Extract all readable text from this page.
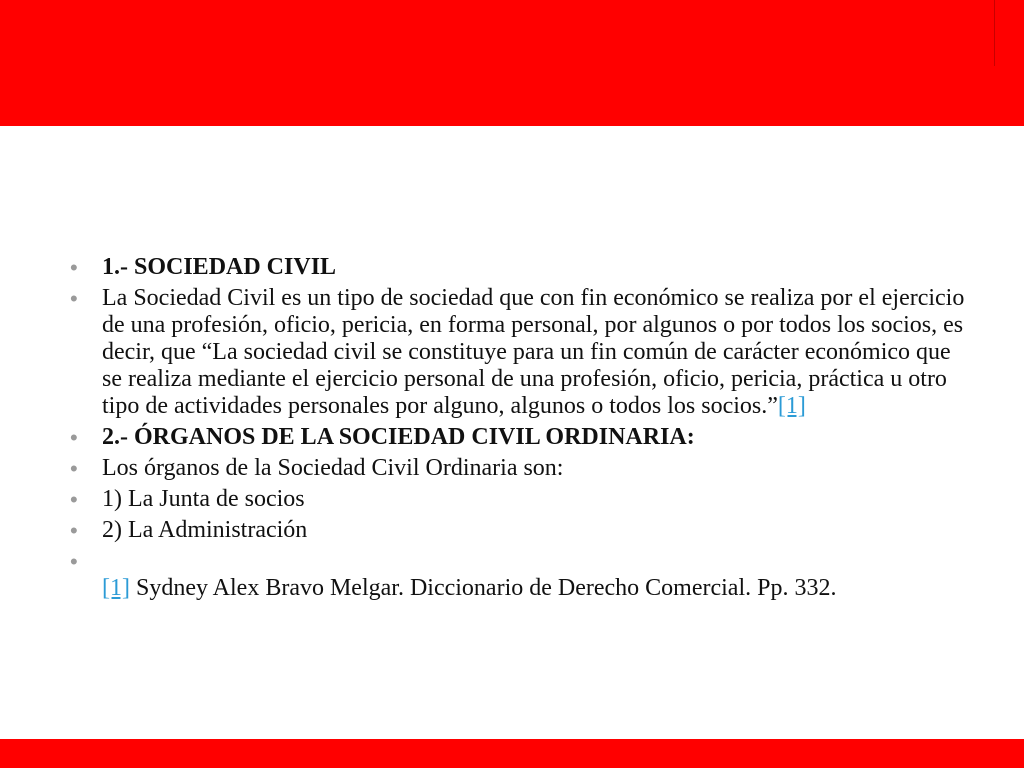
• 1.- SOCIEDAD CIVIL
• La Sociedad Civil es un tipo de sociedad que con fin económico se realiza por el ejercicio de una profesión, oficio, pericia, en forma personal, por algunos o por todos los socios, es decir, que “La sociedad civil se constituye para un fin común de carácter económico que se realiza mediante el ejercicio personal de una profesión, oficio, pericia, práctica u otro tipo de actividades personales por alguno, algunos o todos los socios.”[1]
• 2.- ÓRGANOS DE LA SOCIEDAD CIVIL ORDINARIA:
• Los órganos de la Sociedad Civil Ordinaria son:
• 1) La Junta de socios
• 2) La Administración
•

[1] Sydney Alex Bravo Melgar. Diccionario de Derecho Comercial. Pp. 332.
